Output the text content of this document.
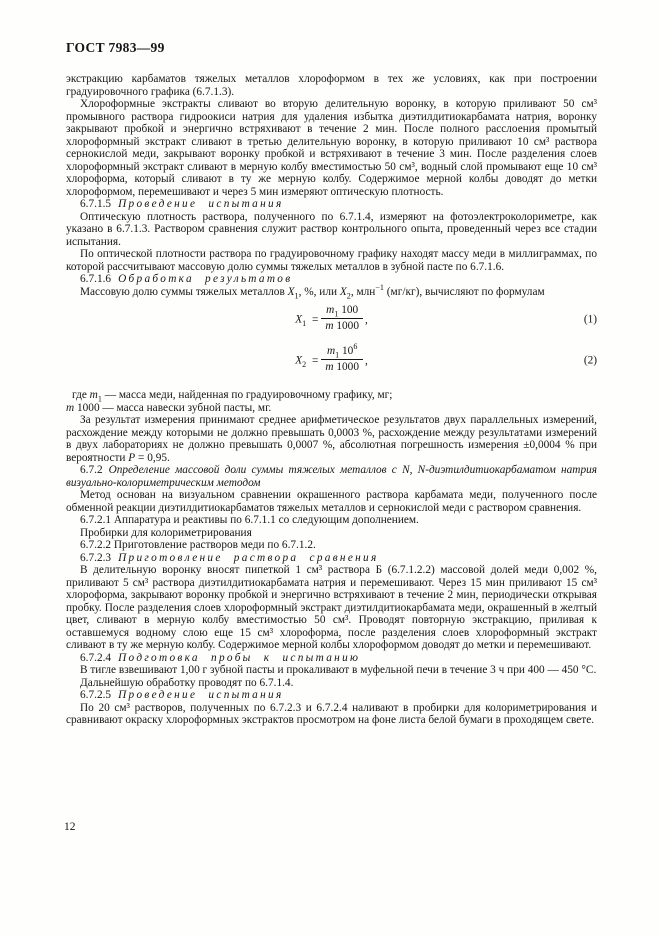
ГОСТ 7983—99

экстракцию карбаматов тяжелых металлов хлороформом в тех же условиях, как при построении градуировочного графика (6.7.1.3).

Хлороформные экстракты сливают во вторую делительную воронку, в которую приливают 50 см³ промывного раствора гидроокиси натрия для удаления избытка диэтилдитиокарбамата натрия, воронку закрывают пробкой и энергично встряхивают в течение 2 мин. После полного расслоения промытый хлороформный экстракт сливают в третью делительную воронку, в которую приливают 10 см³ раствора сернокислой меди, закрывают воронку пробкой и встряхивают в течение 3 мин. После разделения слоев хлороформный экстракт сливают в мерную колбу вместимостью 50 см³, водный слой промывают еще 10 см³ хлороформа, который сливают в ту же мерную колбу. Содержимое мерной колбы доводят до метки хлороформом, перемешивают и через 5 мин измеряют оптическую плотность.

6.7.1.5 Проведение испытания

Оптическую плотность раствора, полученного по 6.7.1.4, измеряют на фотоэлектроколориметре, как указано в 6.7.1.3. Раствором сравнения служит раствор контрольного опыта, проведенный через все стадии испытания.

По оптической плотности раствора по градуировочному графику находят массу меди в миллиграммах, по которой рассчитывают массовую долю суммы тяжелых металлов в зубной пасте по 6.7.1.6.

6.7.1.6 Обработка результатов

Массовую долю суммы тяжелых металлов $X_1$, %, или $X_2$, млн$^{-1}$ (мг/кг), вычисляют по формулам

$X_1 = \frac{m_1 100}{m 1000}$ ,	(1)
$X_2 = \frac{m_1 10^6}{m 1000}$ ,	(2)

где $m_1$ — масса меди, найденная по градуировочному графику, мг;

m 1000 — масса навески зубной пасты, мг.

За результат измерения принимают среднее арифметическое результатов двух параллельных измерений, расхождение между которыми не должно превышать 0,0003 %, расхождение между результатами измерений в двух лабораториях не должно превышать 0,0007 %, абсолютная погрешность измерения ±0,0004 % при вероятности P = 0,95.

6.7.2 Определение массовой доли суммы тяжелых металлов с N, N-диэтилдитиокарбаматом натрия визуально-колориметрическим методом

Метод основан на визуальном сравнении окрашенного раствора карбамата меди, полученного после обменной реакции диэтилдитиокарбаматов тяжелых металлов и сернокислой меди с раствором сравнения.

6.7.2.1 Аппаратура и реактивы по 6.7.1.1 со следующим дополнением.

Пробирки для колориметрирования

6.7.2.2 Приготовление растворов меди по 6.7.1.2.

6.7.2.3 Приготовление раствора сравнения

В делительную воронку вносят пипеткой 1 см³ раствора Б (6.7.1.2.2) массовой долей меди 0,002 %, приливают 5 см³ раствора диэтилдитиокарбамата натрия и перемешивают. Через 15 мин приливают 15 см³ хлороформа, закрывают воронку пробкой и энергично встряхивают в течение 2 мин, периодически открывая пробку. После разделения слоев хлороформный экстракт диэтилдитиокарбамата меди, окрашенный в желтый цвет, сливают в мерную колбу вместимостью 50 см³. Проводят повторную экстракцию, приливая к оставшемуся водному слою еще 15 см³ хлороформа, после разделения слоев хлороформный экстракт сливают в ту же мерную колбу. Содержимое мерной колбы хлороформом доводят до метки и перемешивают.

6.7.2.4 Подготовка пробы к испытанию

В тигле взвешивают 1,00 г зубной пасты и прокаливают в муфельной печи в течение 3 ч при 400 — 450 °С.

Дальнейшую обработку проводят по 6.7.1.4.

6.7.2.5 Проведение испытания

По 20 см³ растворов, полученных по 6.7.2.3 и 6.7.2.4 наливают в пробирки для колориметрирования и сравнивают окраску хлороформных экстрактов просмотром на фоне листа белой бумаги в проходящем свете.

12
